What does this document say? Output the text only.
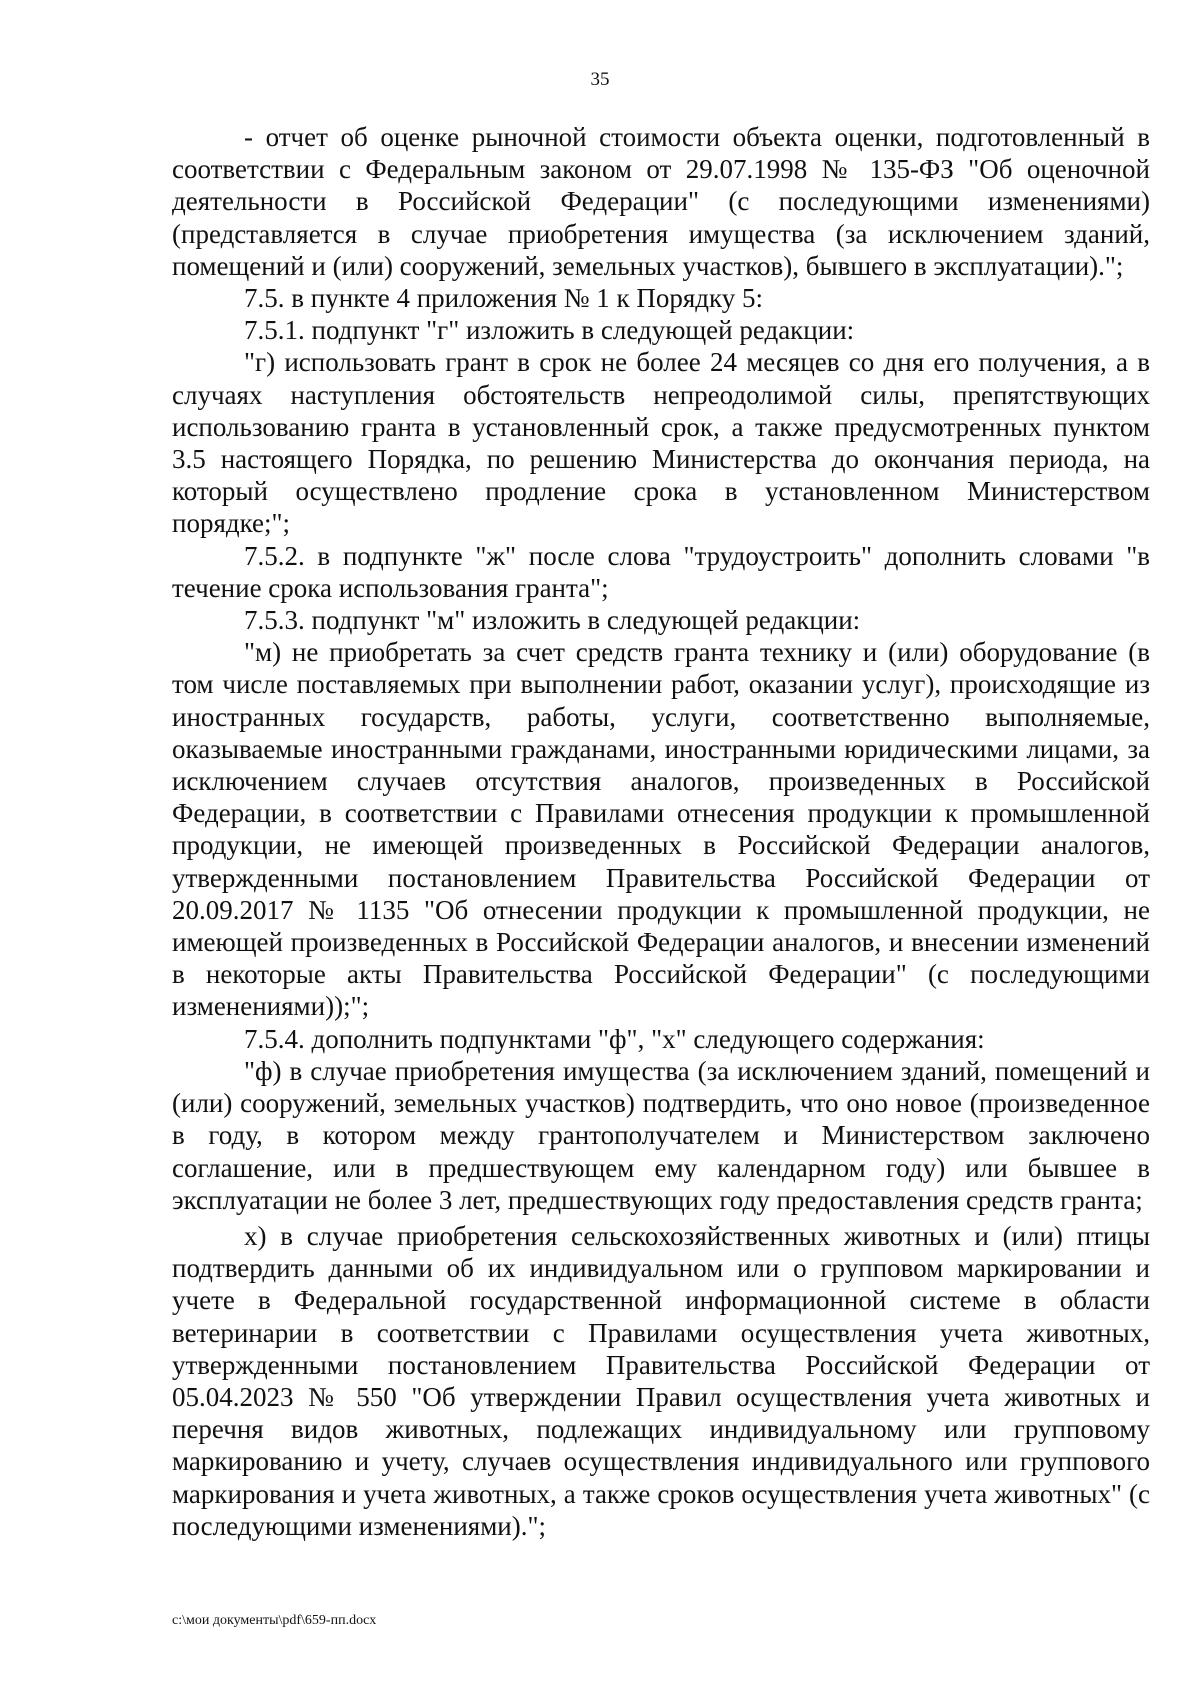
35

- отчет об оценке рыночной стоимости объекта оценки, подготовленный в соответствии с Федеральным законом от 29.07.1998 № 135-ФЗ "Об оценочной деятельности в Российской Федерации" (с последующими изменениями) (представляется в случае приобретения имущества (за исключением зданий, помещений и (или) сооружений, земельных участков), бывшего в эксплуатации).";

7.5. в пункте 4 приложения № 1 к Порядку 5:

7.5.1. подпункт "г" изложить в следующей редакции:

"г) использовать грант в срок не более 24 месяцев со дня его получения, а в случаях наступления обстоятельств непреодолимой силы, препятствующих использованию гранта в установленный срок, а также предусмотренных пунктом 3.5 настоящего Порядка, по решению Министерства до окончания периода, на который осуществлено продление срока в установленном Министерством порядке;";

7.5.2. в подпункте "ж" после слова "трудоустроить" дополнить словами "в течение срока использования гранта";

7.5.3. подпункт "м" изложить в следующей редакции:

"м) не приобретать за счет средств гранта технику и (или) оборудование (в том числе поставляемых при выполнении работ, оказании услуг), происходящие из иностранных государств, работы, услуги, соответственно выполняемые, оказываемые иностранными гражданами, иностранными юридическими лицами, за исключением случаев отсутствия аналогов, произведенных в Российской Федерации, в соответствии с Правилами отнесения продукции к промышленной продукции, не имеющей произведенных в Российской Федерации аналогов, утвержденными постановлением Правительства Российской Федерации от 20.09.2017 № 1135 "Об отнесении продукции к промышленной продукции, не имеющей произведенных в Российской Федерации аналогов, и внесении изменений в некоторые акты Правительства Российской Федерации" (с последующими изменениями));";

7.5.4. дополнить подпунктами "ф", "х" следующего содержания:

"ф) в случае приобретения имущества (за исключением зданий, помещений и (или) сооружений, земельных участков) подтвердить, что оно новое (произведенное в году, в котором между грантополучателем и Министерством заключено соглашение, или в предшествующем ему календарном году) или бывшее в эксплуатации не более 3 лет, предшествующих году предоставления средств гранта;

х) в случае приобретения сельскохозяйственных животных и (или) птицы подтвердить данными об их индивидуальном или о групповом маркировании и учете в Федеральной государственной информационной системе в области ветеринарии в соответствии с Правилами осуществления учета животных, утвержденными постановлением Правительства Российской Федерации от 05.04.2023 № 550 "Об утверждении Правил осуществления учета животных и перечня видов животных, подлежащих индивидуальному или групповому маркированию и учету, случаев осуществления индивидуального или группового маркирования и учета животных, а также сроков осуществления учета животных" (с последующими изменениями).";

c:\мои документы\pdf\659-пп.docx
